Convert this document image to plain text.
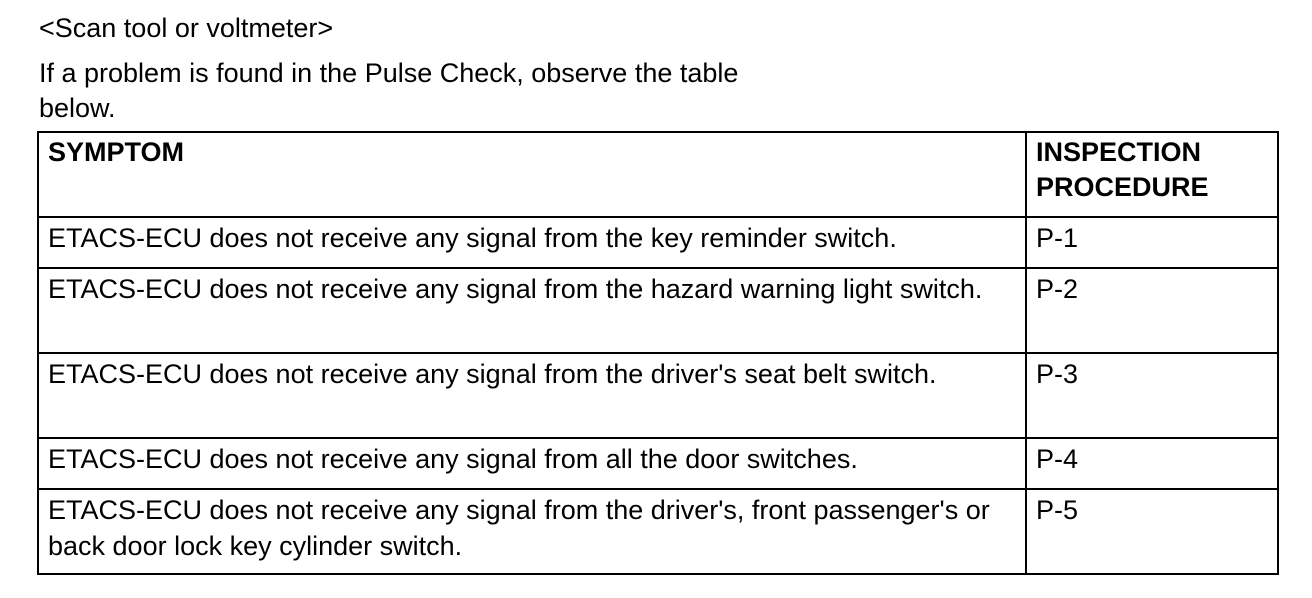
<Scan tool or voltmeter>
If a problem is found in the Pulse Check, observe the table below.
SYMPTOM	INSPECTION PROCEDURE
ETACS-ECU does not receive any signal from the key reminder switch.	P-1
ETACS-ECU does not receive any signal from the hazard warning light switch.	P-2
ETACS-ECU does not receive any signal from the driver's seat belt switch.	P-3
ETACS-ECU does not receive any signal from all the door switches.	P-4
ETACS-ECU does not receive any signal from the driver's, front passenger's or back door lock key cylinder switch.	P-5
